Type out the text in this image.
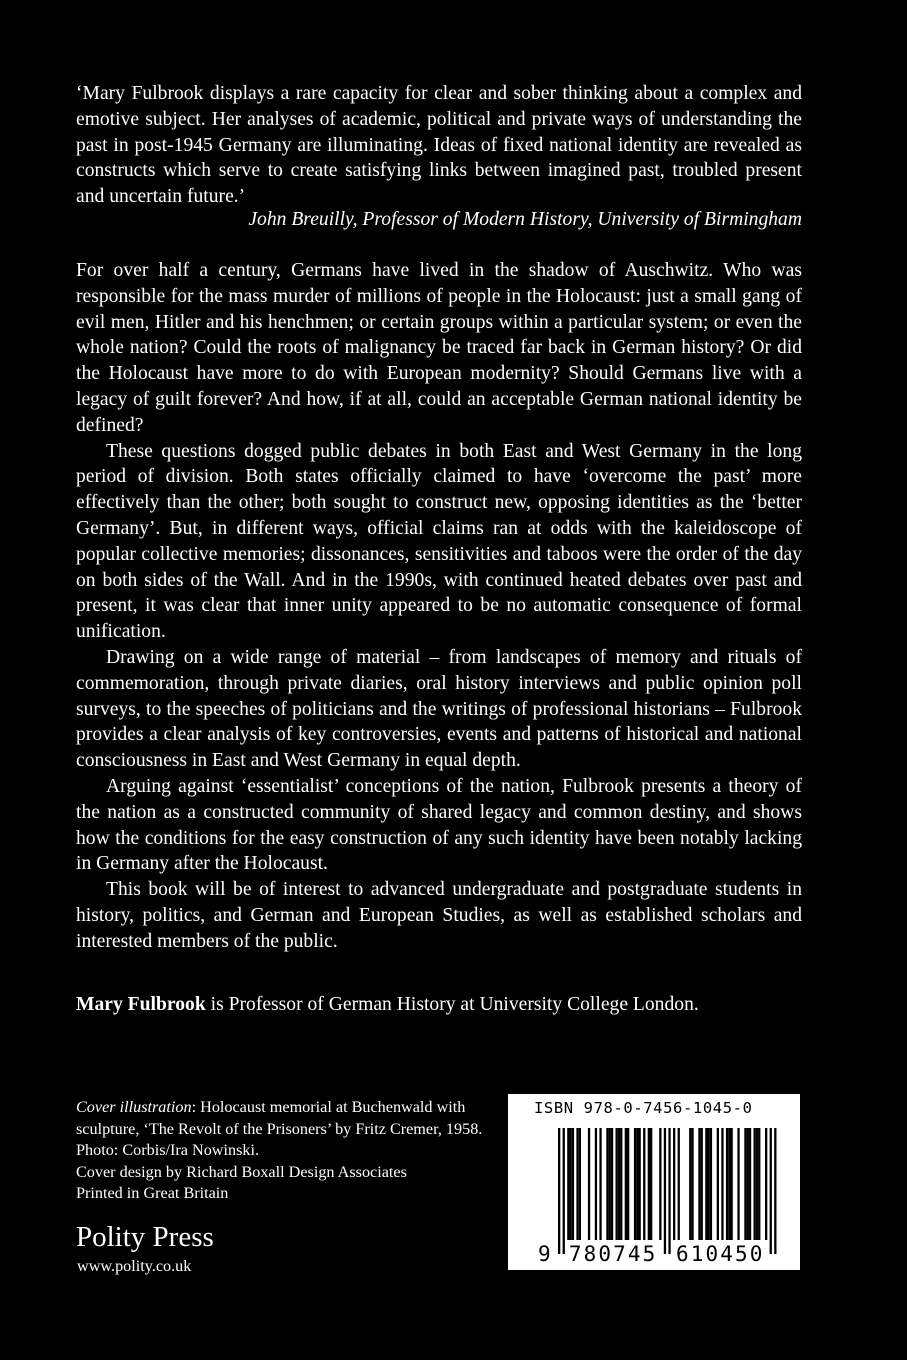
‘Mary Fulbrook displays a rare capacity for clear and sober thinking about a complex and emotive subject. Her analyses of academic, political and private ways of understanding the past in post-1945 Germany are illuminating. Ideas of fixed national identity are revealed as constructs which serve to create satisfying links between imagined past, troubled present and uncertain future.’

John Breuilly, Professor of Modern History, University of Birmingham

For over half a century, Germans have lived in the shadow of Auschwitz. Who was responsible for the mass murder of millions of people in the Holocaust: just a small gang of evil men, Hitler and his henchmen; or certain groups within a particular system; or even the whole nation? Could the roots of malignancy be traced far back in German history? Or did the Holocaust have more to do with European modernity? Should Germans live with a legacy of guilt forever? And how, if at all, could an acceptable German national identity be defined?

These questions dogged public debates in both East and West Germany in the long period of division. Both states officially claimed to have ‘overcome the past’ more effectively than the other; both sought to construct new, opposing identities as the ‘better Germany’. But, in different ways, official claims ran at odds with the kaleidoscope of popular collective memories; dissonances, sensitivities and taboos were the order of the day on both sides of the Wall. And in the 1990s, with continued heated debates over past and present, it was clear that inner unity appeared to be no automatic consequence of formal unification.

Drawing on a wide range of material – from landscapes of memory and rituals of commemoration, through private diaries, oral history interviews and public opinion poll surveys, to the speeches of politicians and the writings of professional historians – Fulbrook provides a clear analysis of key controversies, events and patterns of historical and national consciousness in East and West Germany in equal depth.

Arguing against ‘essentialist’ conceptions of the nation, Fulbrook presents a theory of the nation as a constructed community of shared legacy and common destiny, and shows how the conditions for the easy construction of any such identity have been notably lacking in Germany after the Holocaust.

This book will be of interest to advanced undergraduate and postgraduate students in history, politics, and German and European Studies, as well as established scholars and interested members of the public.

Mary Fulbrook is Professor of German History at University College London.

Cover illustration: Holocaust memorial at Buchenwald with sculpture, ‘The Revolt of the Prisoners’ by Fritz Cremer, 1958. Photo: Corbis/Ira Nowinski.
Cover design by Richard Boxall Design Associates
Printed in Great Britain

Polity Press

www.polity.co.uk

ISBN 978-0-7456-1045-0
9 780745 610450
